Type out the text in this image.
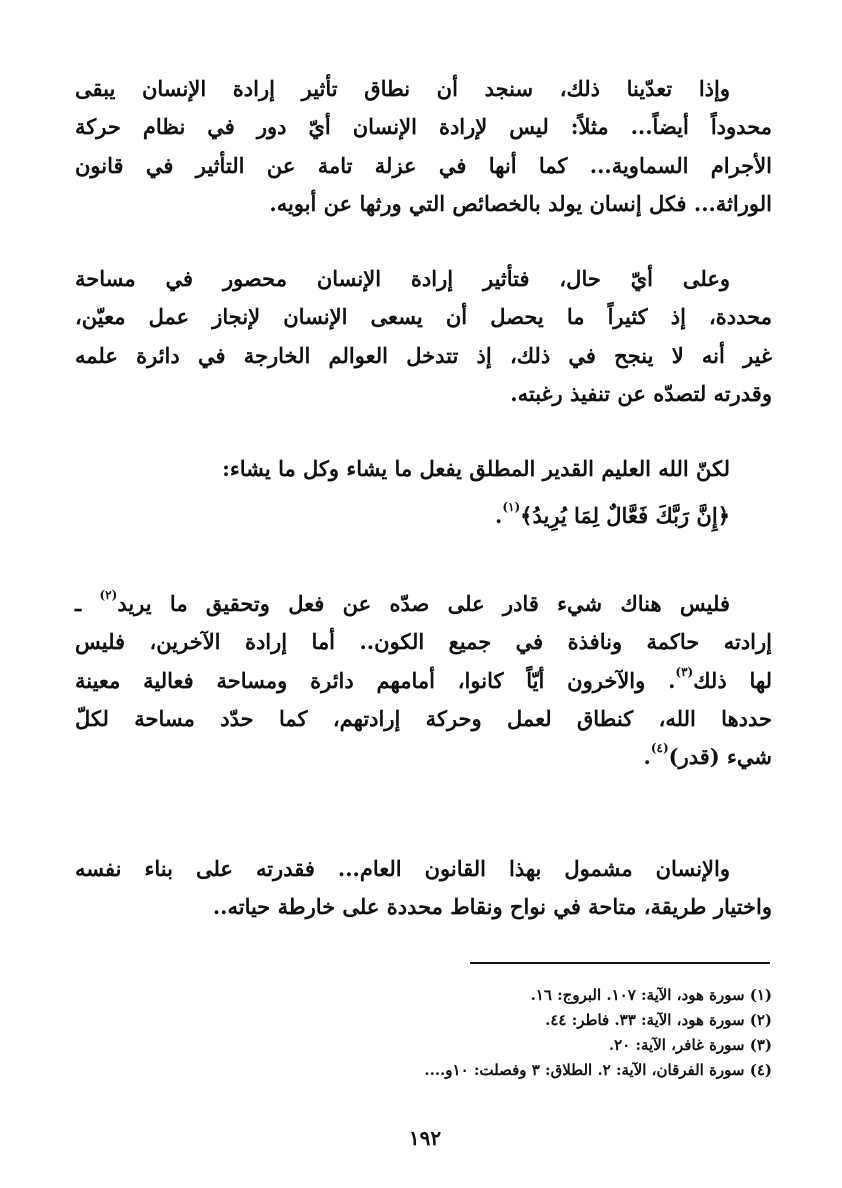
وإذا تعدّينا ذلك، سنجد أن نطاق تأثير إرادة الإنسان يبقى
محدوداً أيضاً... مثلاً: ليس لإرادة الإنسان أيّ دور في نظام حركة
الأجرام السماوية... كما أنها في عزلة تامة عن التأثير في قانون
الوراثة... فكل إنسان يولد بالخصائص التي ورثها عن أبويه.
وعلى أيّ حال، فتأثير إرادة الإنسان محصور في مساحة
محددة، إذ كثيراً ما يحصل أن يسعى الإنسان لإنجاز عمل معيّن،
غير أنه لا ينجح في ذلك، إذ تتدخل العوالم الخارجة في دائرة علمه
وقدرته لتصدّه عن تنفيذ رغبته.
لكنّ الله العليم القدير المطلق يفعل ما يشاء وكل ما يشاء:
﴿إِنَّ رَبَّكَ فَعَّالٌ لِمَا يُرِيدُ﴾$^{(١)}$.
فليس هناك شيء قادر على صدّه عن فعل وتحقيق ما يريد$^{(٢)}$ ـ
إرادته حاكمة ونافذة في جميع الكون.. أما إرادة الآخرين، فليس
لها ذلك$^{(٣)}$. والآخرون أيّاً كانوا، أمامهم دائرة ومساحة فعالية معينة
حددها الله، كنطاق لعمل وحركة إرادتهم، كما حدّد مساحة لكلّ
شيء (قدر)$^{(٤)}$.
والإنسان مشمول بهذا القانون العام... فقدرته على بناء نفسه
واختيار طريقة، متاحة في نواح ونقاط محددة على خارطة حياته..
(١) سورة هود، الآية: ١٠٧. البروج: ١٦.
(٢) سورة هود، الآية: ٣٣. فاطر: ٤٤.
(٣) سورة غافر، الآية: ٢٠.
(٤) سورة الفرقان، الآية: ٢. الطلاق: ٣ وفصلت: ١٠و....
١٩٢
